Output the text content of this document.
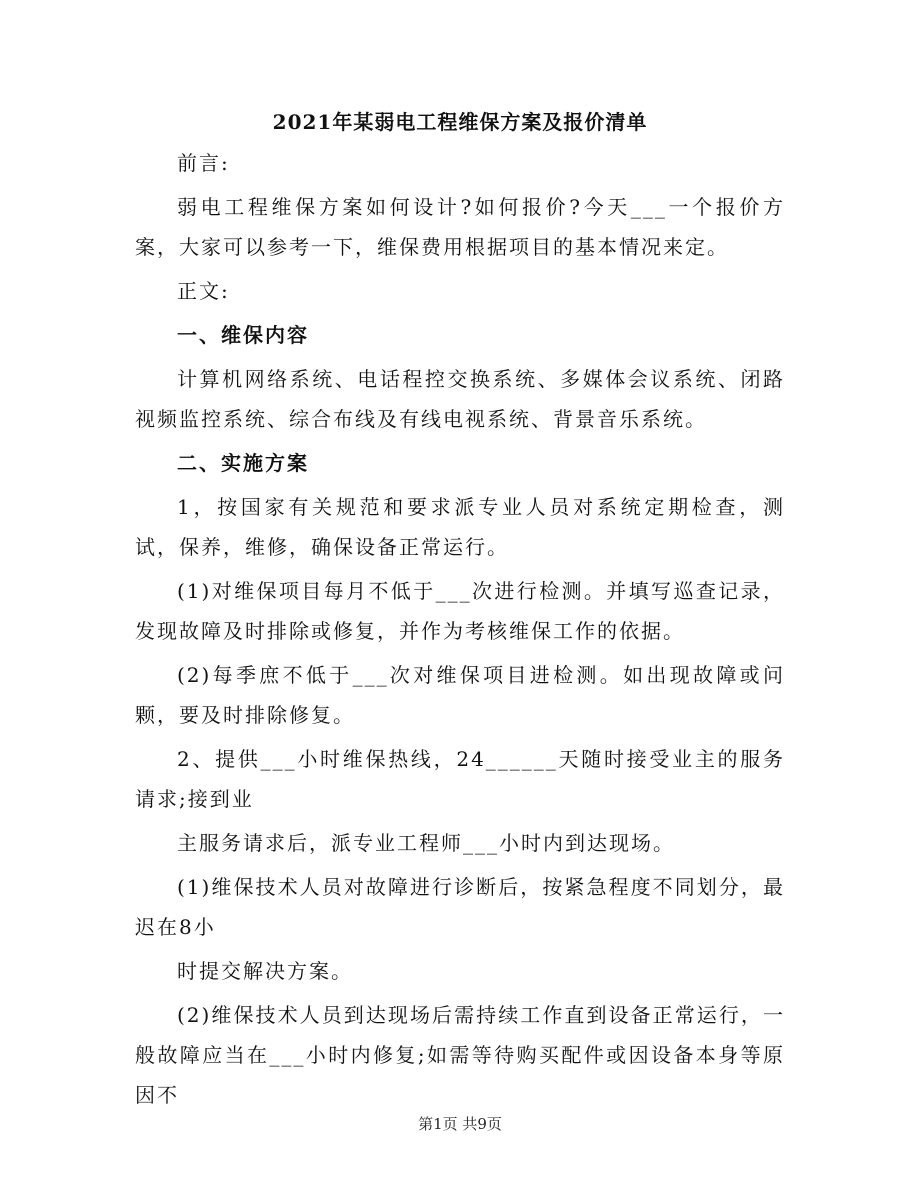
2021年某弱电工程维保方案及报价清单

前言:

弱电工程维保方案如何设计?如何报价?今天___一个报价方案，大家可以参考一下，维保费用根据项目的基本情况来定。

正文:

一、维保内容

计算机网络系统、电话程控交换系统、多媒体会议系统、闭路视频监控系统、综合布线及有线电视系统、背景音乐系统。

二、实施方案

1，按国家有关规范和要求派专业人员对系统定期检查，测试，保养，维修，确保设备正常运行。

(1)对维保项目每月不低于___次进行检测。并填写巡查记录，发现故障及时排除或修复，并作为考核维保工作的依据。

(2)每季庶不低于___次对维保项目进检测。如出现故障或问颗，要及时排除修复。

2、提供___小时维保热线，24______天随时接受业主的服务请求;接到业

主服务请求后，派专业工程师___小时内到达现场。

(1)维保技术人员对故障进行诊断后，按紧急程度不同划分，最迟在8小

时提交解决方案。

(2)维保技术人员到达现场后需持续工作直到设备正常运行，一般故障应当在___小时内修复;如需等待购买配件或因设备本身等原因不

第1页 共9页
